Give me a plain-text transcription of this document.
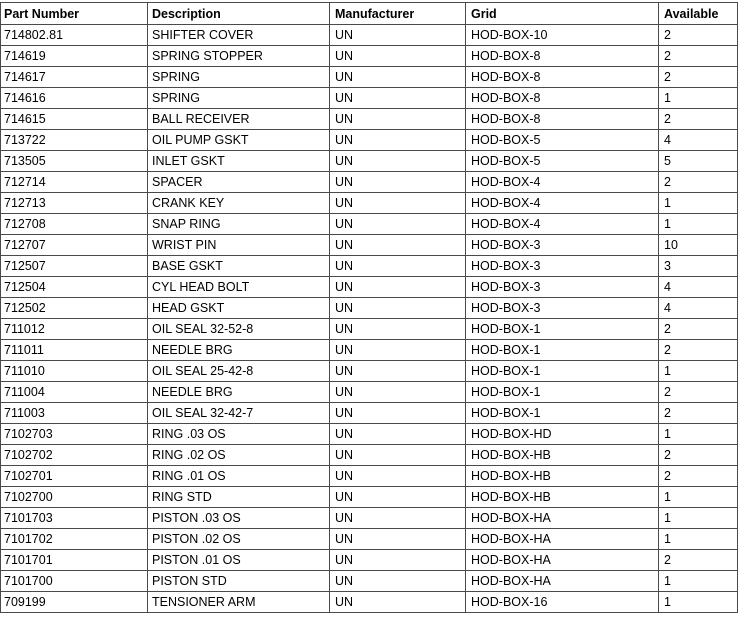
Part Number	Description	Manufacturer	Grid	Available
714802.81	SHIFTER COVER	UN	HOD-BOX-10	2
714619	SPRING STOPPER	UN	HOD-BOX-8	2
714617	SPRING	UN	HOD-BOX-8	2
714616	SPRING	UN	HOD-BOX-8	1
714615	BALL RECEIVER	UN	HOD-BOX-8	2
713722	OIL PUMP GSKT	UN	HOD-BOX-5	4
713505	INLET GSKT	UN	HOD-BOX-5	5
712714	SPACER	UN	HOD-BOX-4	2
712713	CRANK KEY	UN	HOD-BOX-4	1
712708	SNAP RING	UN	HOD-BOX-4	1
712707	WRIST PIN	UN	HOD-BOX-3	10
712507	BASE GSKT	UN	HOD-BOX-3	3
712504	CYL HEAD BOLT	UN	HOD-BOX-3	4
712502	HEAD GSKT	UN	HOD-BOX-3	4
711012	OIL SEAL 32-52-8	UN	HOD-BOX-1	2
711011	NEEDLE BRG	UN	HOD-BOX-1	2
711010	OIL SEAL 25-42-8	UN	HOD-BOX-1	1
711004	NEEDLE BRG	UN	HOD-BOX-1	2
711003	OIL SEAL 32-42-7	UN	HOD-BOX-1	2
7102703	RING .03 OS	UN	HOD-BOX-HD	1
7102702	RING .02 OS	UN	HOD-BOX-HB	2
7102701	RING .01 OS	UN	HOD-BOX-HB	2
7102700	RING STD	UN	HOD-BOX-HB	1
7101703	PISTON .03 OS	UN	HOD-BOX-HA	1
7101702	PISTON .02 OS	UN	HOD-BOX-HA	1
7101701	PISTON .01 OS	UN	HOD-BOX-HA	2
7101700	PISTON STD	UN	HOD-BOX-HA	1
709199	TENSIONER ARM	UN	HOD-BOX-16	1
